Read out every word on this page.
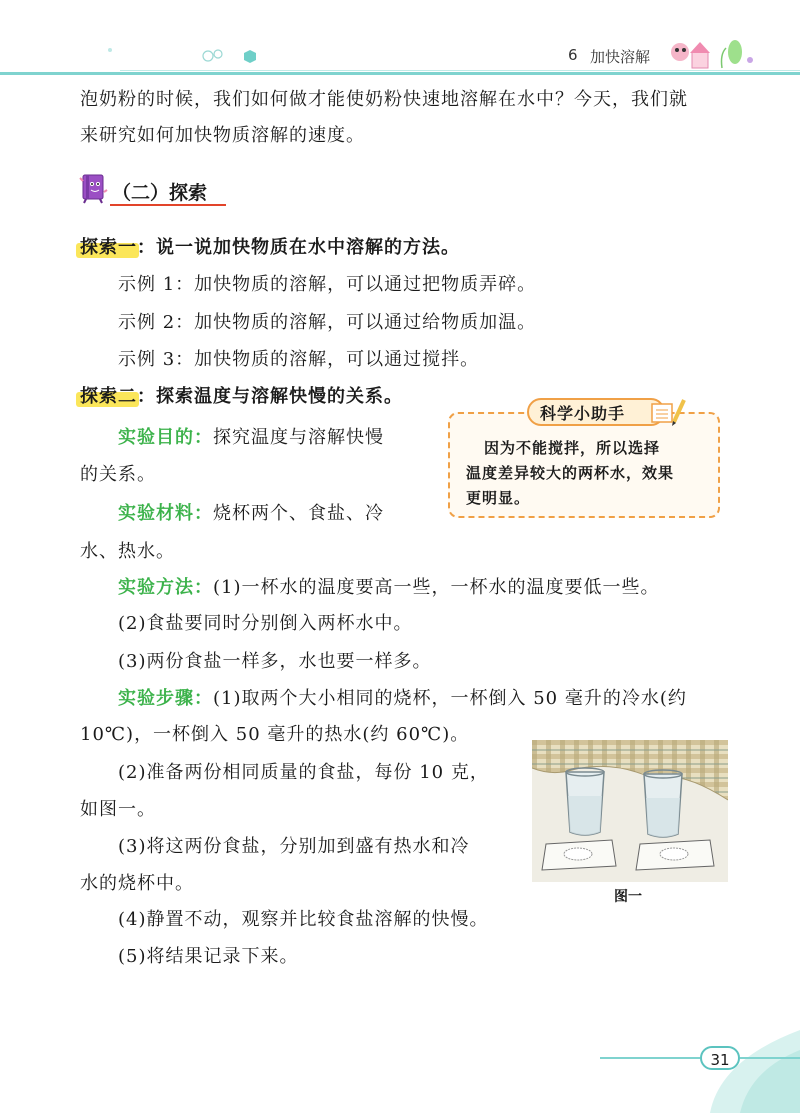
6 加快溶解
泡奶粉的时候，我们如何做才能使奶粉快速地溶解在水中？今天，我们就
来研究如何加快物质溶解的速度。
（二）探索
探索一：说一说加快物质在水中溶解的方法。
示例 1：加快物质的溶解，可以通过把物质弄碎。
示例 2：加快物质的溶解，可以通过给物质加温。
示例 3：加快物质的溶解，可以通过搅拌。
探索二：探索温度与溶解快慢的关系。
实验目的：探究温度与溶解快慢
的关系。
实验材料：烧杯两个、食盐、冷
水、热水。
实验方法：(1)一杯水的温度要高一些，一杯水的温度要低一些。
(2)食盐要同时分别倒入两杯水中。
(3)两份食盐一样多，水也要一样多。
实验步骤：(1)取两个大小相同的烧杯，一杯倒入 50 毫升的冷水(约
10℃)，一杯倒入 50 毫升的热水(约 60℃)。
(2)准备两份相同质量的食盐，每份 10 克，
如图一。
(3)将这两份食盐，分别加到盛有热水和冷
水的烧杯中。
(4)静置不动，观察并比较食盐溶解的快慢。
(5)将结果记录下来。
科学小助手
因为不能搅拌，所以选择
温度差异较大的两杯水，效果
更明显。
图一
31
